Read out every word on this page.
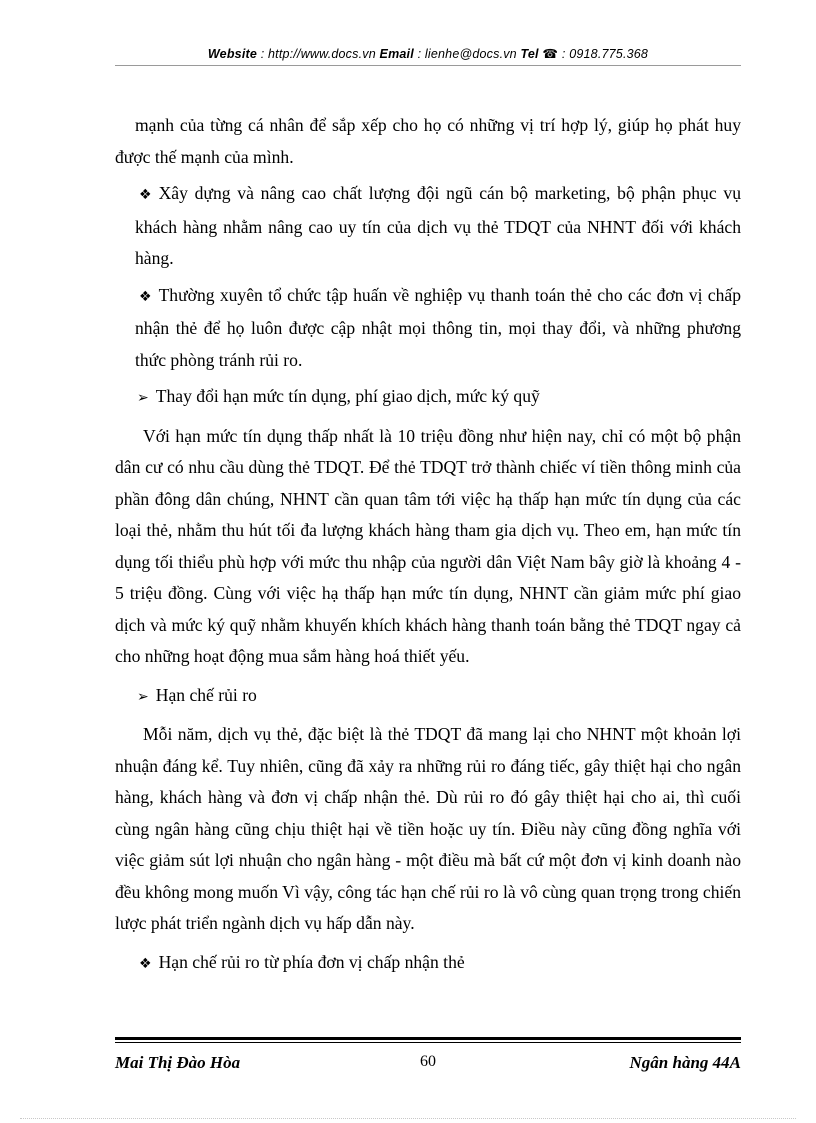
Website : http://www.docs.vn Email : lienhe@docs.vn Tel ☎ : 0918.775.368

mạnh của từng cá nhân để sắp xếp cho họ có những vị trí hợp lý, giúp họ phát huy được thế mạnh của mình.

❖ Xây dựng và nâng cao chất lượng đội ngũ cán bộ marketing, bộ phận phục vụ khách hàng nhằm nâng cao uy tín của dịch vụ thẻ TDQT của NHNT đối với khách hàng.

❖ Thường xuyên tổ chức tập huấn về nghiệp vụ thanh toán thẻ cho các đơn vị chấp nhận thẻ để họ luôn được cập nhật mọi thông tin, mọi thay đổi, và những phương thức phòng tránh rủi ro.

➢ Thay đổi hạn mức tín dụng, phí giao dịch, mức ký quỹ

Với hạn mức tín dụng thấp nhất là 10 triệu đồng như hiện nay, chỉ có một bộ phận dân cư có nhu cầu dùng thẻ TDQT. Để thẻ TDQT trở thành chiếc ví tiền thông minh của phần đông dân chúng, NHNT cần quan tâm tới việc hạ thấp hạn mức tín dụng của các loại thẻ, nhằm thu hút tối đa lượng khách hàng tham gia dịch vụ. Theo em, hạn mức tín dụng tối thiểu phù hợp với mức thu nhập của người dân Việt Nam bây giờ là khoảng 4 - 5 triệu đồng. Cùng với việc hạ thấp hạn mức tín dụng, NHNT cần giảm mức phí giao dịch và mức ký quỹ nhằm khuyến khích khách hàng thanh toán bằng thẻ TDQT ngay cả cho những hoạt động mua sắm hàng hoá thiết yếu.

➢ Hạn chế rủi ro

Mỗi năm, dịch vụ thẻ, đặc biệt là thẻ TDQT đã mang lại cho NHNT một khoản lợi nhuận đáng kể. Tuy nhiên, cũng đã xảy ra những rủi ro đáng tiếc, gây thiệt hại cho ngân hàng, khách hàng và đơn vị chấp nhận thẻ. Dù rủi ro đó gây thiệt hại cho ai, thì cuối cùng ngân hàng cũng chịu thiệt hại về tiền hoặc uy tín. Điều này cũng đồng nghĩa với việc giảm sút lợi nhuận cho ngân hàng - một điều mà bất cứ một đơn vị kinh doanh nào đều không mong muốn Vì vậy, công tác hạn chế rủi ro là vô cùng quan trọng trong chiến lược phát triển ngành dịch vụ hấp dẫn này.

❖ Hạn chế rủi ro từ phía đơn vị chấp nhận thẻ

Mai Thị Đào Hòa	60	Ngân hàng 44A
